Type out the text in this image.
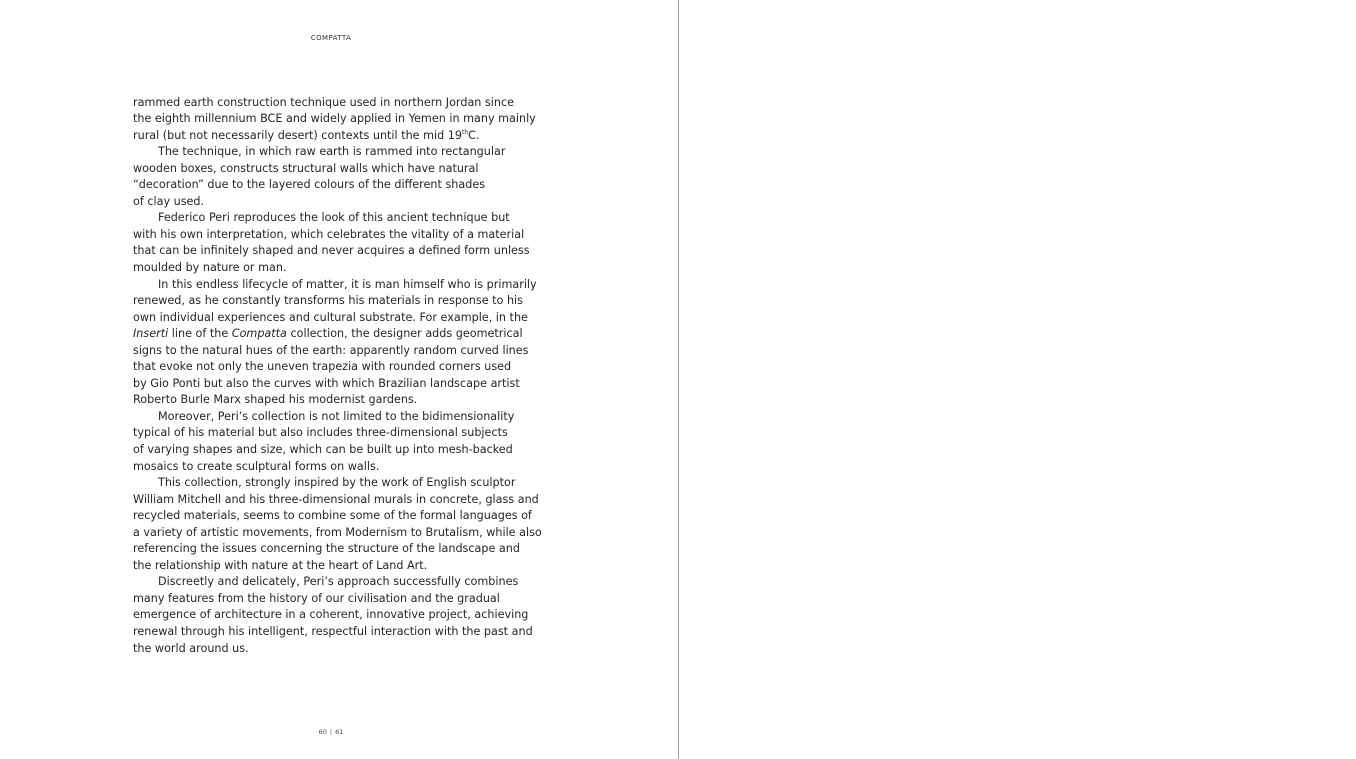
COMPATTA
rammed earth construction technique used in northern Jordan since
the eighth millennium BCE and widely applied in Yemen in many mainly
rural (but not necessarily desert) contexts until the mid 19thC.
The technique, in which raw earth is rammed into rectangular
wooden boxes, constructs structural walls which have natural
“decoration” due to the layered colours of the different shades
of clay used.
Federico Peri reproduces the look of this ancient technique but
with his own interpretation, which celebrates the vitality of a material
that can be infinitely shaped and never acquires a defined form unless
moulded by nature or man.
In this endless lifecycle of matter, it is man himself who is primarily
renewed, as he constantly transforms his materials in response to his
own individual experiences and cultural substrate. For example, in the
Inserti line of the Compatta collection, the designer adds geometrical
signs to the natural hues of the earth: apparently random curved lines
that evoke not only the uneven trapezia with rounded corners used
by Gio Ponti but also the curves with which Brazilian landscape artist
Roberto Burle Marx shaped his modernist gardens.
Moreover, Peri’s collection is not limited to the bidimensionality
typical of his material but also includes three-dimensional subjects
of varying shapes and size, which can be built up into mesh-backed
mosaics to create sculptural forms on walls.
This collection, strongly inspired by the work of English sculptor
William Mitchell and his three-dimensional murals in concrete, glass and
recycled materials, seems to combine some of the formal languages of
a variety of artistic movements, from Modernism to Brutalism, while also
referencing the issues concerning the structure of the landscape and
the relationship with nature at the heart of Land Art.
Discreetly and delicately, Peri’s approach successfully combines
many features from the history of our civilisation and the gradual
emergence of architecture in a coherent, innovative project, achieving
renewal through his intelligent, respectful interaction with the past and
the world around us.
60 | 61
